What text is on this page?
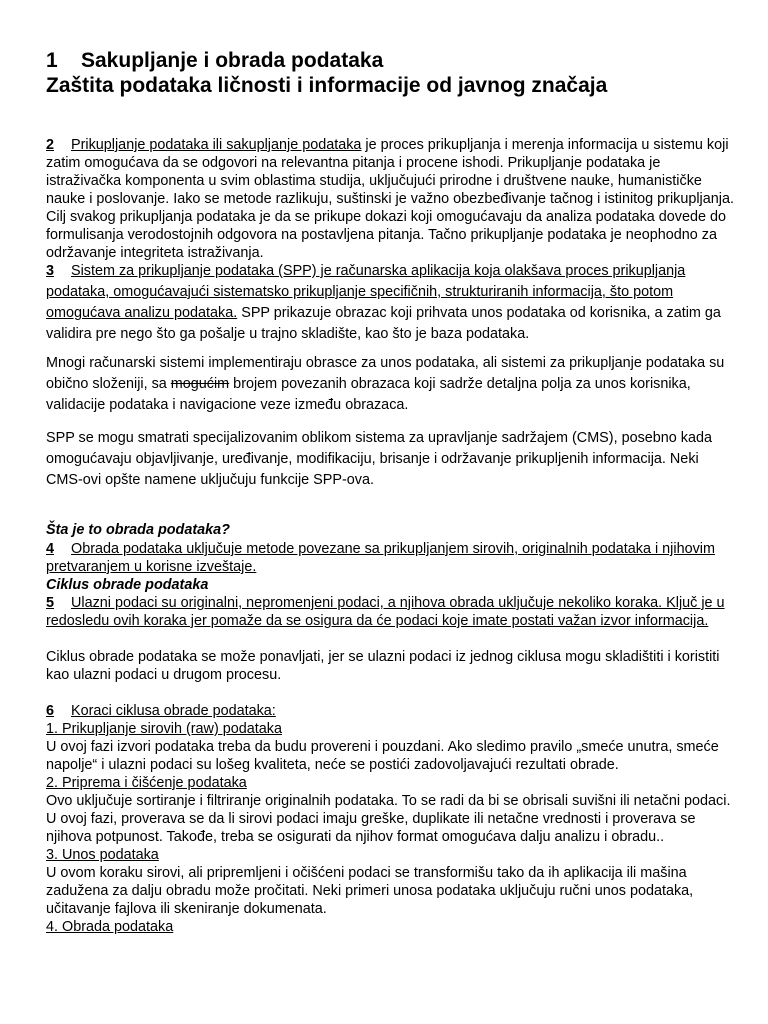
1 Sakupljanje i obrada podataka
Zaštita podataka ličnosti i informacije od javnog značaja

2 Prikupljanje podataka ili sakupljanje podataka je proces prikupljanja i merenja informacija u sistemu koji zatim omogućava da se odgovori na relevantna pitanja i procene ishodi. Prikupljanje podataka je istraživačka komponenta u svim oblastima studija, uključujući prirodne i društvene nauke, humanističke nauke i poslovanje. Iako se metode razlikuju, suštinski je važno obezbeđivanje tačnog i istinitog prikupljanja. Cilj svakog prikupljanja podataka je da se prikupe dokazi koji omogućavaju da analiza podataka dovede do formulisanja verodostojnih odgovora na postavljena pitanja. Tačno prikupljanje podataka je neophodno za održavanje integriteta istraživanja.

3 Sistem za prikupljanje podataka (SPP) je računarska aplikacija koja olakšava proces prikupljanja podataka, omogućavajući sistematsko prikupljanje specifičnih, strukturiranih informacija, što potom omogućava analizu podataka. SPP prikazuje obrazac koji prihvata unos podataka od korisnika, a zatim ga validira pre nego što ga pošalje u trajno skladište, kao što je baza podataka.

Mnogi računarski sistemi implementiraju obrasce za unos podataka, ali sistemi za prikupljanje podataka su obično složeniji, sa mogućim brojem povezanih obrazaca koji sadrže detaljna polja za unos korisnika, validacije podataka i navigacione veze između obrazaca.

SPP se mogu smatrati specijalizovanim oblikom sistema za upravljanje sadržajem (CMS), posebno kada omogućavaju objavljivanje, uređivanje, modifikaciju, brisanje i održavanje prikupljenih informacija. Neki CMS-ovi opšte namene uključuju funkcije SPP-ova.

Šta je to obrada podataka?

4 Obrada podataka uključuje metode povezane sa prikupljanjem sirovih, originalnih podataka i njihovim pretvaranjem u korisne izveštaje.

Ciklus obrade podataka

5 Ulazni podaci su originalni, nepromenjeni podaci, a njihova obrada uključuje nekoliko koraka. Ključ je u redosledu ovih koraka jer pomaže da se osigura da će podaci koje imate postati važan izvor informacija.

Ciklus obrade podataka se može ponavljati, jer se ulazni podaci iz jednog ciklusa mogu skladištiti i koristiti kao ulazni podaci u drugom procesu.

6 Koraci ciklusa obrade podataka:
1. Prikupljanje sirovih (raw) podataka
U ovoj fazi izvori podataka treba da budu provereni i pouzdani. Ako sledimo pravilo „smeće unutra, smeće napolje“ i ulazni podaci su lošeg kvaliteta, neće se postići zadovoljavajući rezultati obrade.
2. Priprema i čišćenje podataka
Ovo uključuje sortiranje i filtriranje originalnih podataka. To se radi da bi se obrisali suvišni ili netačni podaci. U ovoj fazi, proverava se da li sirovi podaci imaju greške, duplikate ili netačne vrednosti i proverava se njihova potpunost. Takođe, treba se osigurati da njihov format omogućava dalju analizu i obradu..
3. Unos podataka
U ovom koraku sirovi, ali pripremljeni i očišćeni podaci se transformišu tako da ih aplikacija ili mašina zadužena za dalju obradu može pročitati. Neki primeri unosa podataka uključuju ručni unos podataka, učitavanje fajlova ili skeniranje dokumenata.
4. Obrada podataka
